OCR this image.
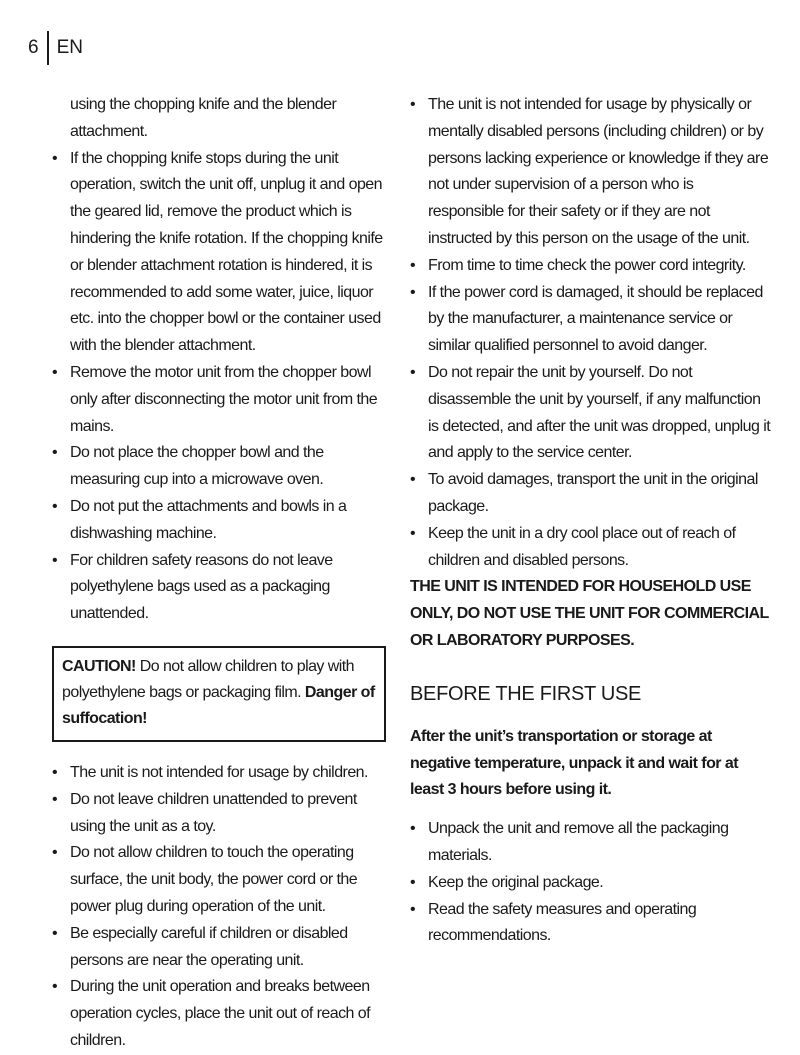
6 EN

using the chopping knife and the blender attachment.

• If the chopping knife stops during the unit operation, switch the unit off, unplug it and open the geared lid, remove the product which is hindering the knife rotation. If the chopping knife or blender attachment rotation is hindered, it is recommended to add some water, juice, liquor etc. into the chopper bowl or the container used with the blender attachment.
• Remove the motor unit from the chopper bowl only after disconnecting the motor unit from the mains.
• Do not place the chopper bowl and the measuring cup into a microwave oven.
• Do not put the attachments and bowls in a dishwashing machine.
• For children safety reasons do not leave polyethylene bags used as a packaging unattended.

CAUTION! Do not allow children to play with polyethylene bags or packaging film. Danger of suffocation!

• The unit is not intended for usage by children.
• Do not leave children unattended to prevent using the unit as a toy.
• Do not allow children to touch the operating surface, the unit body, the power cord or the power plug during operation of the unit.
• Be especially careful if children or disabled persons are near the operating unit.
• During the unit operation and breaks between operation cycles, place the unit out of reach of children.
• The unit is not intended for usage by physically or mentally disabled persons (including children) or by persons lacking experience or knowledge if they are not under supervision of a person who is responsible for their safety or if they are not instructed by this person on the usage of the unit.
• From time to time check the power cord integrity.
• If the power cord is damaged, it should be replaced by the manufacturer, a maintenance service or similar qualified personnel to avoid danger.
• Do not repair the unit by yourself. Do not disassemble the unit by yourself, if any malfunction is detected, and after the unit was dropped, unplug it and apply to the service center.
• To avoid damages, transport the unit in the original package.
• Keep the unit in a dry cool place out of reach of children and disabled persons.

THE UNIT IS INTENDED FOR HOUSEHOLD USE ONLY, DO NOT USE THE UNIT FOR COMMERCIAL OR LABORATORY PURPOSES.

BEFORE THE FIRST USE

After the unit’s transportation or storage at negative temperature, unpack it and wait for at least 3 hours before using it.

• Unpack the unit and remove all the packaging materials.
• Keep the original package.
• Read the safety measures and operating recommendations.
